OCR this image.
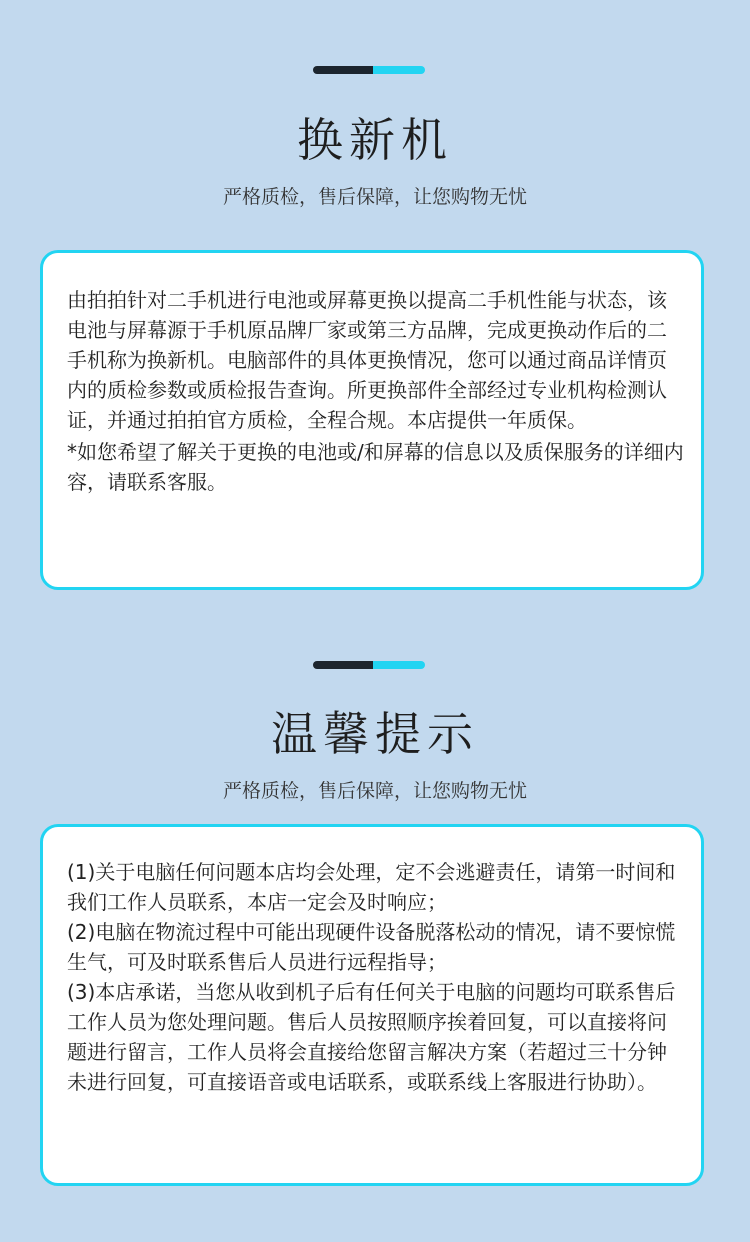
换新机
严格质检，售后保障，让您购物无忧

由拍拍针对二手机进行电池或屏幕更换以提高二手机性能与状态，该电池与屏幕源于手机原品牌厂家或第三方品牌，完成更换动作后的二手机称为换新机。电脑部件的具体更换情况，您可以通过商品详情页内的质检参数或质检报告查询。所更换部件全部经过专业机构检测认证，并通过拍拍官方质检，全程合规。本店提供一年质保。

*如您希望了解关于更换的电池或/和屏幕的信息以及质保服务的详细内容，请联系客服。

温馨提示
严格质检，售后保障，让您购物无忧

(1)关于电脑任何问题本店均会处理，定不会逃避责任，请第一时间和我们工作人员联系，本店一定会及时响应；

(2)电脑在物流过程中可能出现硬件设备脱落松动的情况，请不要惊慌生气，可及时联系售后人员进行远程指导；

(3)本店承诺，当您从收到机子后有任何关于电脑的问题均可联系售后工作人员为您处理问题。售后人员按照顺序挨着回复，可以直接将问题进行留言，工作人员将会直接给您留言解决方案（若超过三十分钟未进行回复，可直接语音或电话联系，或联系线上客服进行协助）。
